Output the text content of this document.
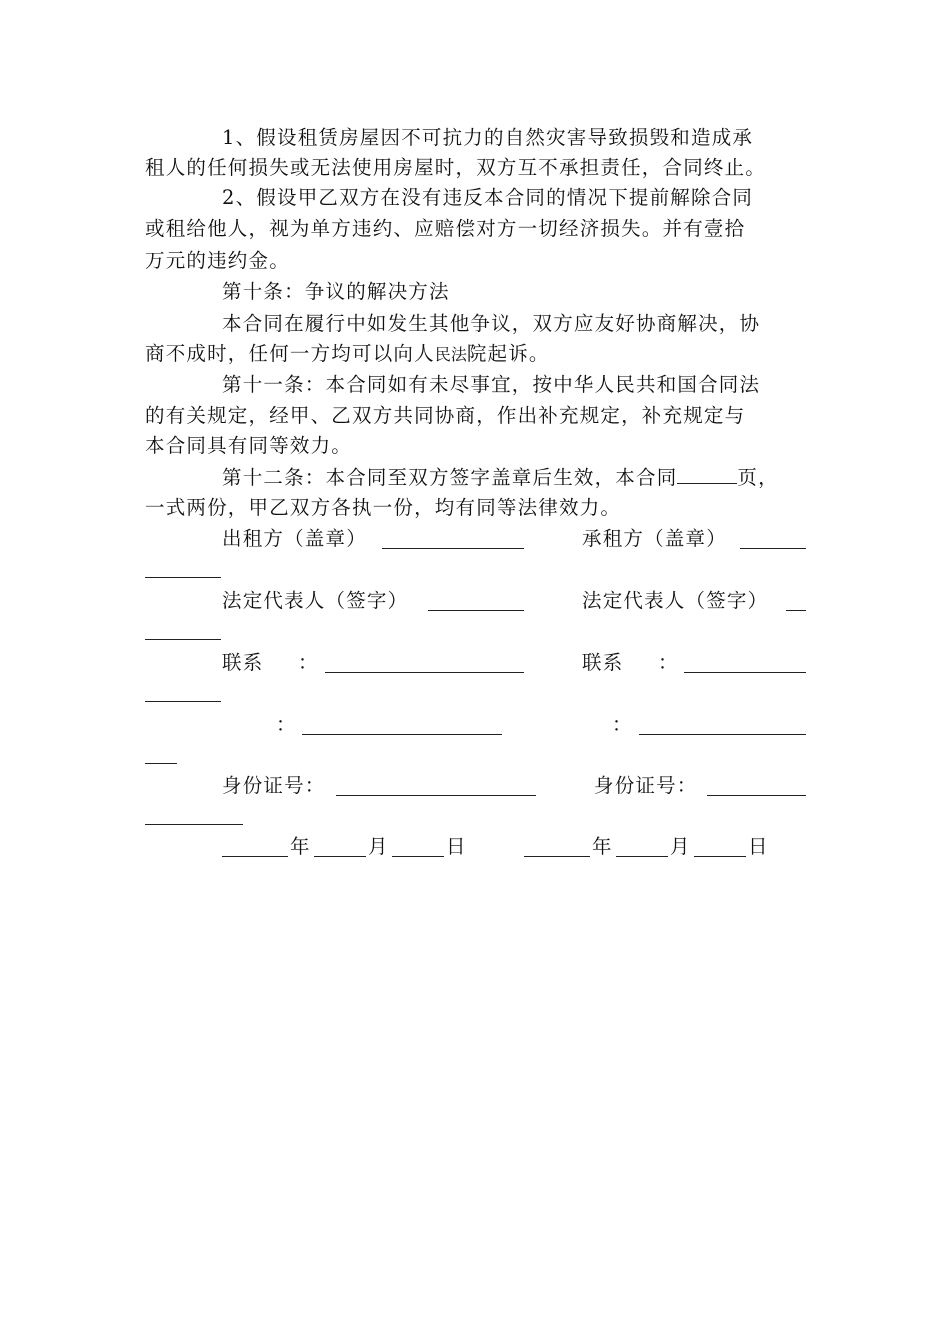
1、假设租赁房屋因不可抗力的自然灾害导致损毁和造成承
租人的任何损失或无法使用房屋时，双方互不承担责任，合同终止。
2、假设甲乙双方在没有违反本合同的情况下提前解除合同
或租给他人，视为单方违约、应赔偿对方一切经济损失。并有壹拾
万元的违约金。
第十条：争议的解决方法
本合同在履行中如发生其他争议，双方应友好协商解决，协
商不成时，任何一方均可以向人民法院起诉。
第十一条：本合同如有未尽事宜，按中华人民共和国合同法
的有关规定，经甲、乙双方共同协商，作出补充规定，补充规定与
本合同具有同等效力。
第十二条：本合同至双方签字盖章后生效，本合同	页，
一式两份，甲乙双方各执一份，均有同等法律效力。
出租方（盖章）	承租方（盖章）
法定代表人（签字）	法定代表人（签字）
联系 ：	联系 ：
：	：
身份证号：	身份证号：
年	月	日	年	月	日
